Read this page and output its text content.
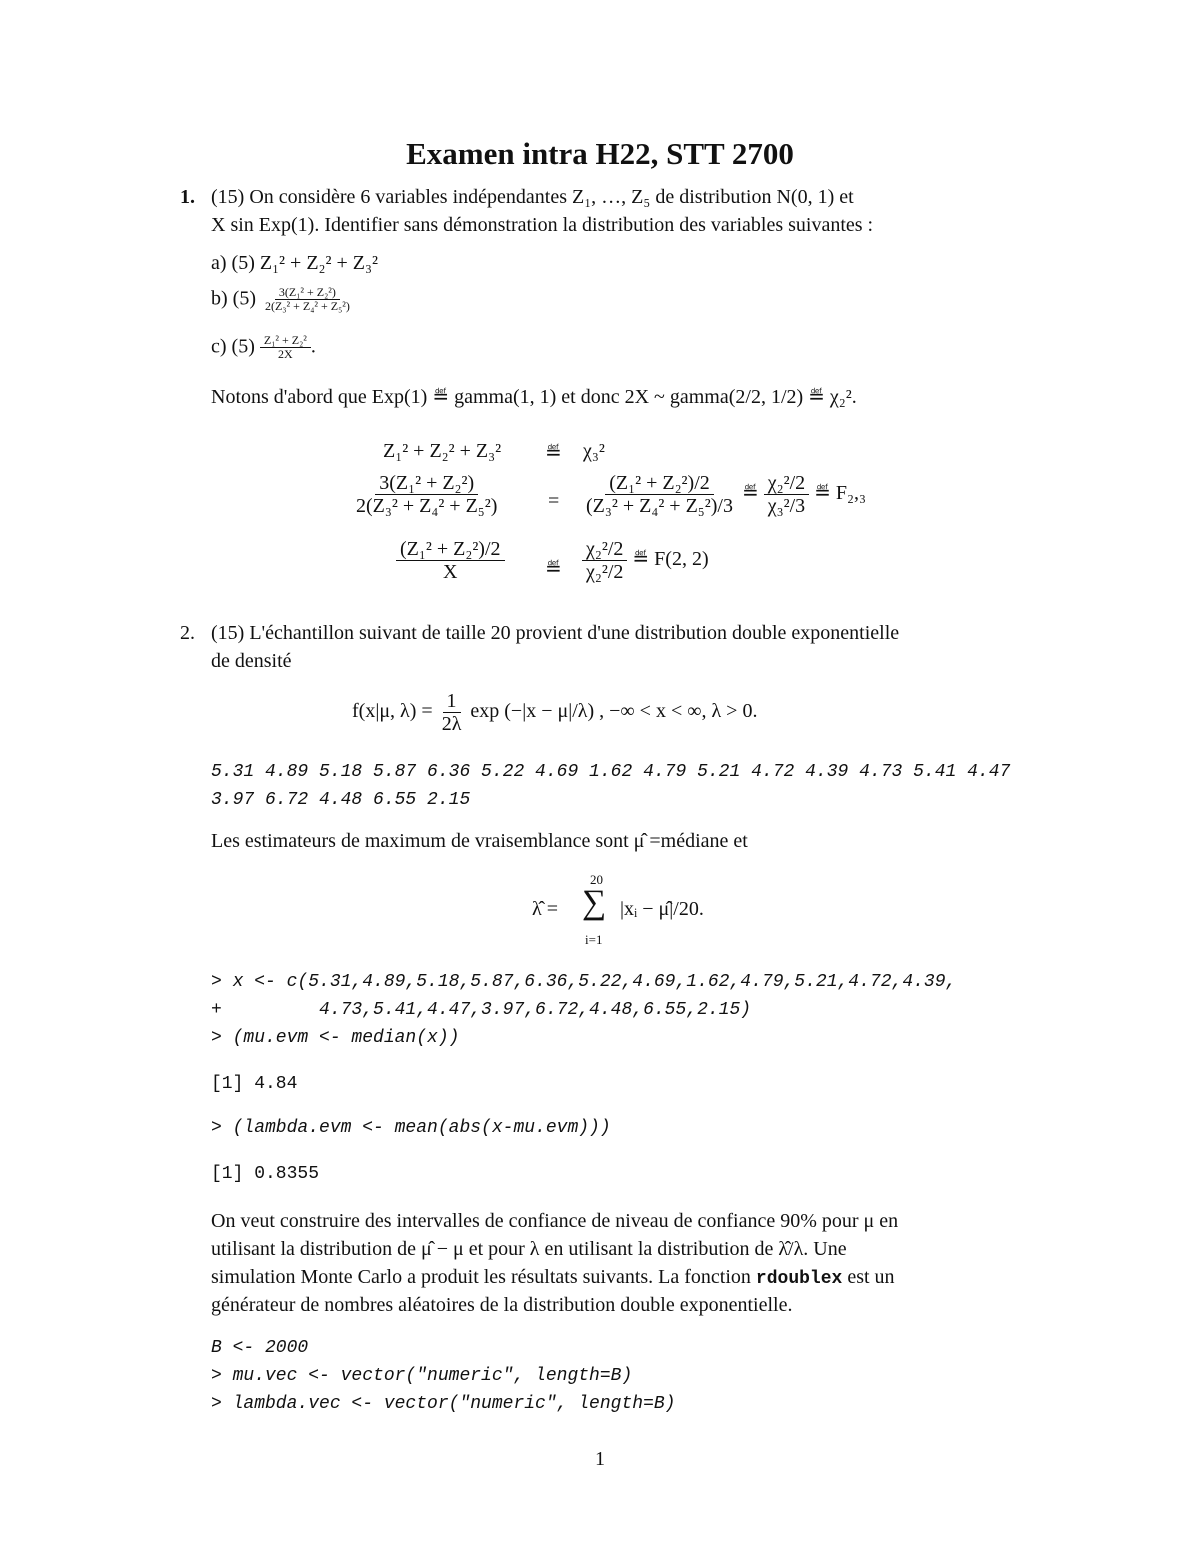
Examen intra H22, STT 2700
1. (15) On considère 6 variables indépendantes Z₁, …, Z₅ de distribution N(0, 1) et
X sin Exp(1). Identifier sans démonstration la distribution des variables suivantes :
a) (5) Z₁² + Z₂² + Z₃²
b) $(5) \frac{\text{3(Z₁² + Z₂²)}}{\text{2(Z₃² + Z₄² + Z₅²)}}$
c) $(5) \frac{\text{Z₁² + Z₂²}}{2X}$ .
Notons d'abord que Exp(1) ≝ gamma(1, 1) et donc 2X ~ gamma(2/2, 1/2) ≝ χ₂².
Z₁² + Z₂² + Z₃² ≝ χ₃²
$\frac{\text{3(Z₁² + Z₂²)}}{\text{2(Z₃² + Z₄² + Z₅²)}} = \frac{\text{(Z₁² + Z₂²)/2}}{\text{(Z₃² + Z₄² + Z₅²)/3}}$ ≝ $\frac{\text{χ₂²/2}}{\text{χ₃²/3}}$ ≝ F₂,₃
$\frac{\text{(Z₁² + Z₂²)/2}}{X}$ ≝ $\frac{\text{χ₂²/2}}{\text{χ₂²/2}}$ ≝ F(2, 2)
2. (15) L'échantillon suivant de taille 20 provient d'une distribution double exponentielle
de densité
f(x|μ, $\lambda) = \frac{1}{2\lambda}$ exp (−|x − μ|/λ) , −∞ < x < ∞, λ > 0.
5.31 4.89 5.18 5.87 6.36 5.22 4.69 1.62 4.79 5.21 4.72 4.39 4.73 5.41 4.47
3.97 6.72 4.48 6.55 2.15
Les estimateurs de maximum de vraisemblance sont μ̂ =médiane et
λ̂ =
20
∑
i=1
|xᵢ − μ̂|/20.
> x <- c(5.31,4.89,5.18,5.87,6.36,5.22,4.69,1.62,4.79,5.21,4.72,4.39,
+         4.73,5.41,4.47,3.97,6.72,4.48,6.55,2.15)
> (mu.evm <- median(x))
[1] 4.84
> (lambda.evm <- mean(abs(x-mu.evm)))
[1] 0.8355
On veut construire des intervalles de confiance de niveau de confiance 90% pour μ en
utilisant la distribution de μ̂ − μ et pour λ en utilisant la distribution de λ̂/λ. Une
simulation Monte Carlo a produit les résultats suivants. La fonction rdoublex est un
générateur de nombres aléatoires de la distribution double exponentielle.
B <- 2000
> mu.vec <- vector("numeric", length=B)
> lambda.vec <- vector("numeric", length=B)
1
